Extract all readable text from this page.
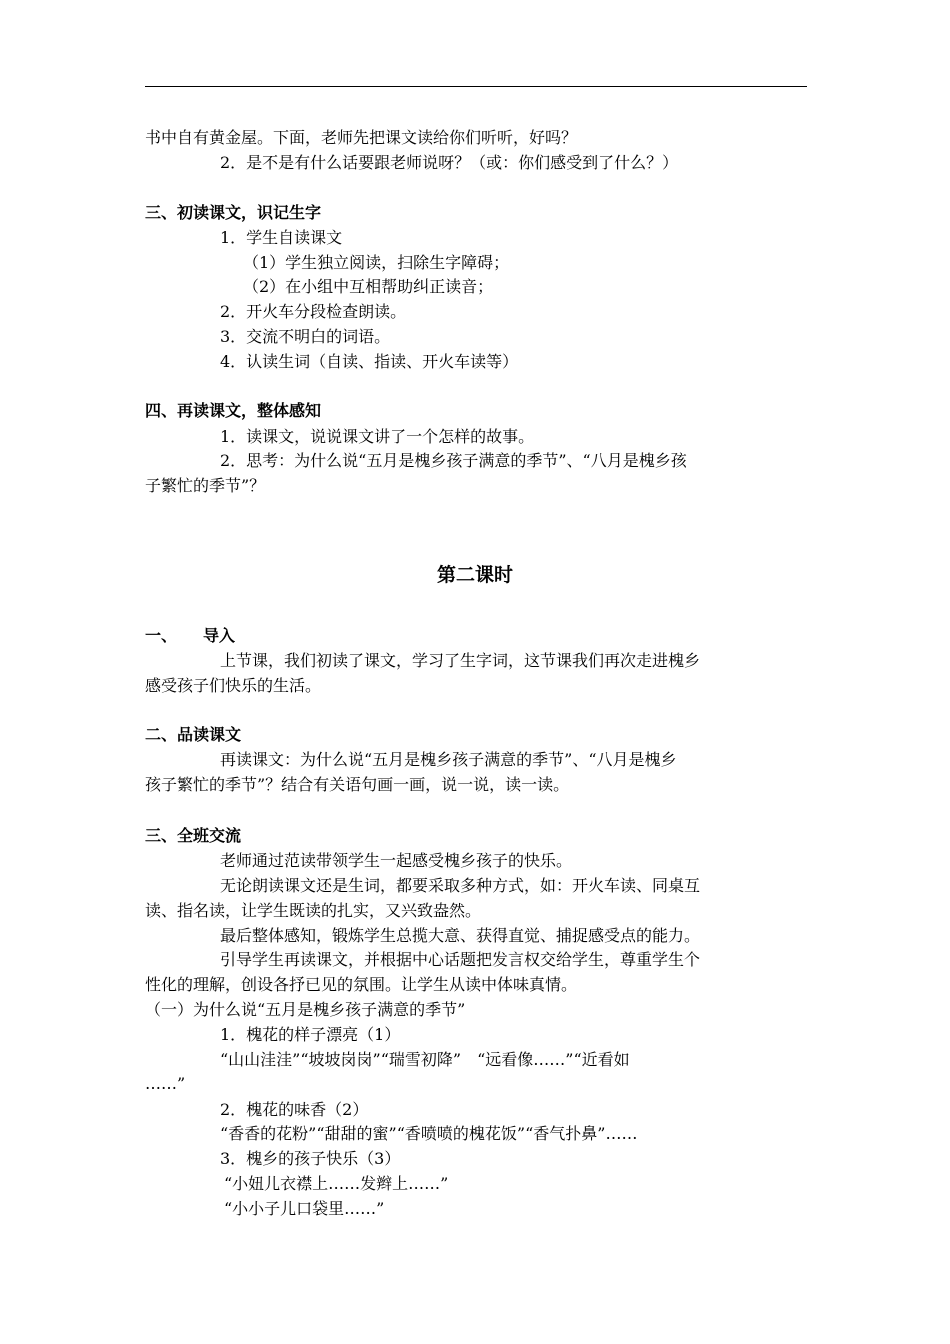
书中自有黄金屋。下面，老师先把课文读给你们听听，好吗？
2．是不是有什么话要跟老师说呀？（或：你们感受到了什么？）
三、初读课文，识记生字
1．学生自读课文
（1）学生独立阅读，扫除生字障碍；
（2）在小组中互相帮助纠正读音；
2．开火车分段检查朗读。
3．交流不明白的词语。
4．认读生词（自读、指读、开火车读等）
四、再读课文，整体感知
1．读课文，说说课文讲了一个怎样的故事。
2．思考：为什么说“五月是槐乡孩子满意的季节”、“八月是槐乡孩
子繁忙的季节”？
第二课时
一、 导入
上节课，我们初读了课文，学习了生字词，这节课我们再次走进槐乡
感受孩子们快乐的生活。
二、品读课文
再读课文：为什么说“五月是槐乡孩子满意的季节”、“八月是槐乡
孩子繁忙的季节”？结合有关语句画一画，说一说，读一读。
三、全班交流
老师通过范读带领学生一起感受槐乡孩子的快乐。
无论朗读课文还是生词，都要采取多种方式，如：开火车读、同桌互
读、指名读，让学生既读的扎实，又兴致盎然。
最后整体感知，锻炼学生总揽大意、获得直觉、捕捉感受点的能力。
引导学生再读课文，并根据中心话题把发言权交给学生，尊重学生个
性化的理解，创设各抒已见的氛围。让学生从读中体味真情。
（一）为什么说“五月是槐乡孩子满意的季节”
1．槐花的样子漂亮（1）
“山山洼洼”“坡坡岗岗”“瑞雪初降”　“远看像……”“近看如
……”
2．槐花的味香（2）
“香香的花粉”“甜甜的蜜”“香喷喷的槐花饭”“香气扑鼻”……
3．槐乡的孩子快乐（3）
“小妞儿衣襟上……发辫上……”
“小小子儿口袋里……”
